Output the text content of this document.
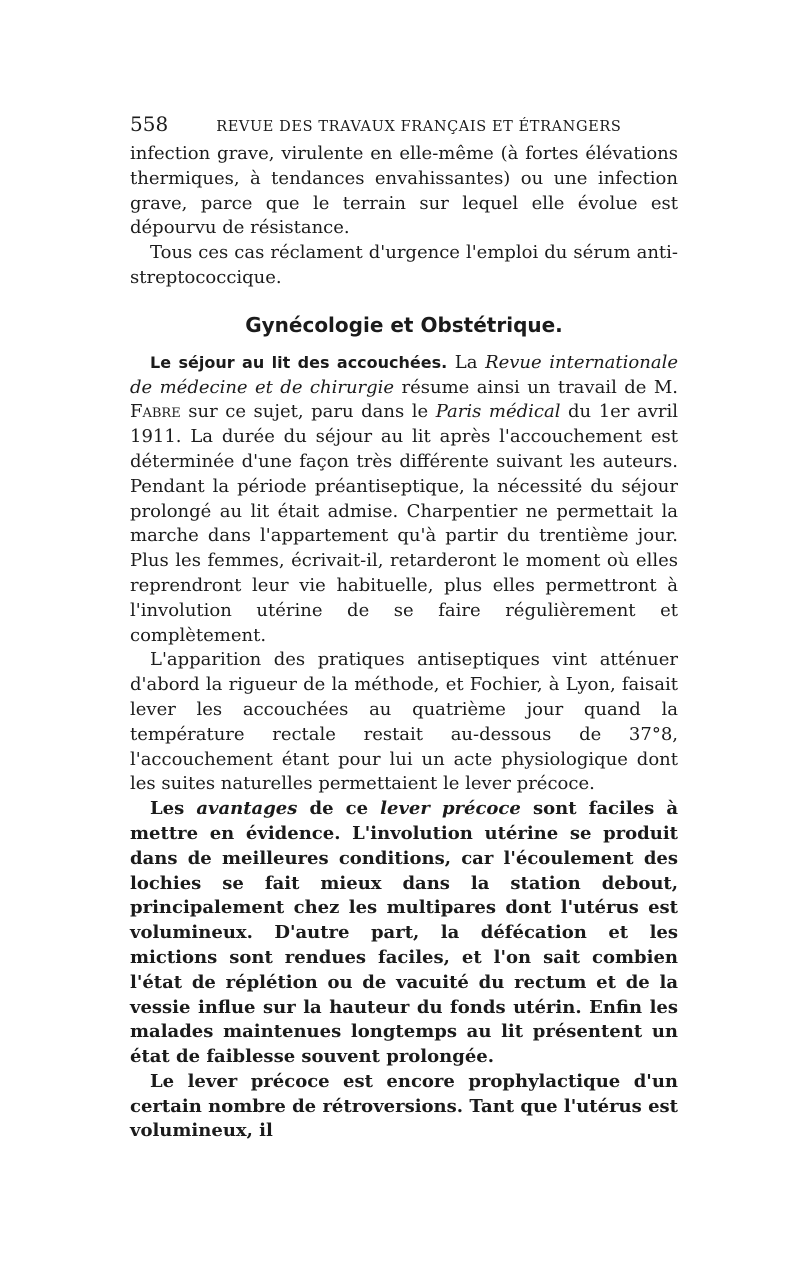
558	REVUE DES TRAVAUX FRANÇAIS ET ÉTRANGERS

infection grave, virulente en elle-même (à fortes élévations thermiques, à tendances envahissantes) ou une infection grave, parce que le terrain sur lequel elle évolue est dépourvu de résistance.

Tous ces cas réclament d'urgence l'emploi du sérum anti-streptococcique.

Gynécologie et Obstétrique.

Le séjour au lit des accouchées. La Revue internationale de médecine et de chirurgie résume ainsi un travail de M. Fabre sur ce sujet, paru dans le Paris médical du 1er avril 1911. La durée du séjour au lit après l'accouchement est déterminée d'une façon très différente suivant les auteurs. Pendant la période préantiseptique, la nécessité du séjour prolongé au lit était admise. Charpentier ne permettait la marche dans l'appartement qu'à partir du trentième jour. Plus les femmes, écrivait-il, retarderont le moment où elles reprendront leur vie habituelle, plus elles permettront à l'involution utérine de se faire régulièrement et complètement.

L'apparition des pratiques antiseptiques vint atténuer d'abord la rigueur de la méthode, et Fochier, à Lyon, faisait lever les accouchées au quatrième jour quand la température rectale restait au-dessous de 37°8, l'accouchement étant pour lui un acte physiologique dont les suites naturelles permettaient le lever précoce.

Les avantages de ce lever précoce sont faciles à mettre en évidence. L'involution utérine se produit dans de meilleures conditions, car l'écoulement des lochies se fait mieux dans la station debout, principalement chez les multipares dont l'utérus est volumineux. D'autre part, la défécation et les mictions sont rendues faciles, et l'on sait combien l'état de réplétion ou de vacuité du rectum et de la vessie influe sur la hauteur du fonds utérin. Enfin les malades maintenues longtemps au lit présentent un état de faiblesse souvent prolongée.

Le lever précoce est encore prophylactique d'un certain nombre de rétroversions. Tant que l'utérus est volumineux, il
